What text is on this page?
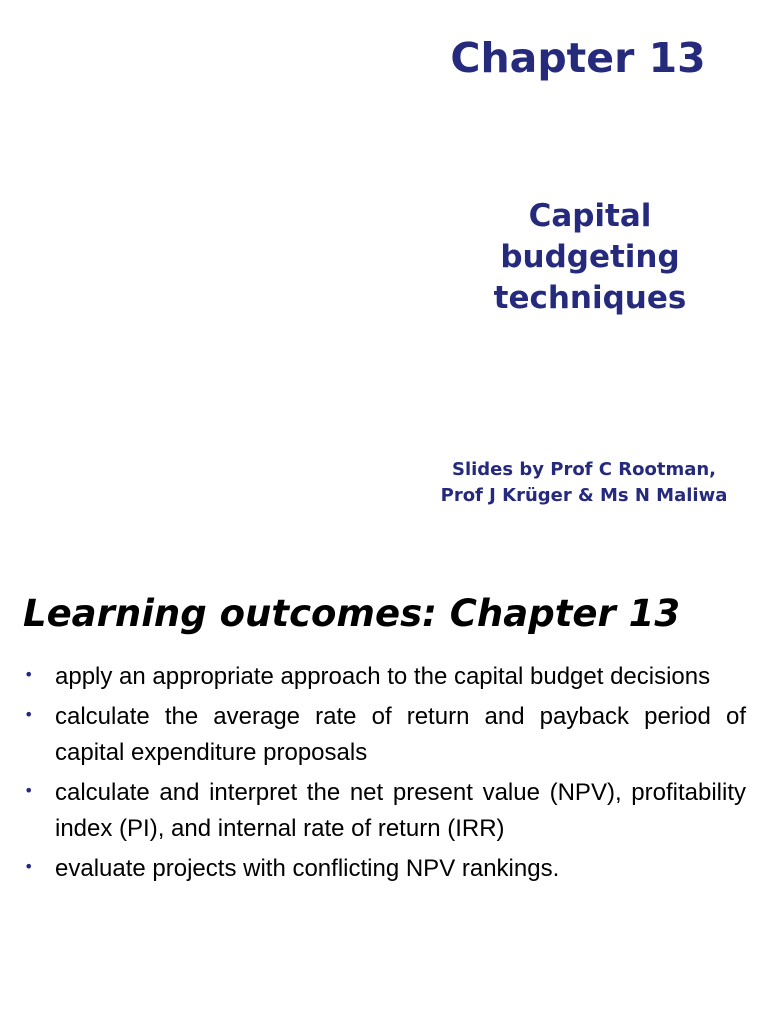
Chapter 13
Capital
budgeting
techniques

Slides by Prof C Rootman,
Prof J Krüger & Ms N Maliwa

Learning outcomes: Chapter 13
• apply an appropriate approach to the capital budget decisions
• calculate the average rate of return and payback period of capital expenditure proposals
• calculate and interpret the net present value (NPV), profitability index (PI), and internal rate of return (IRR)
• evaluate projects with conflicting NPV rankings.
